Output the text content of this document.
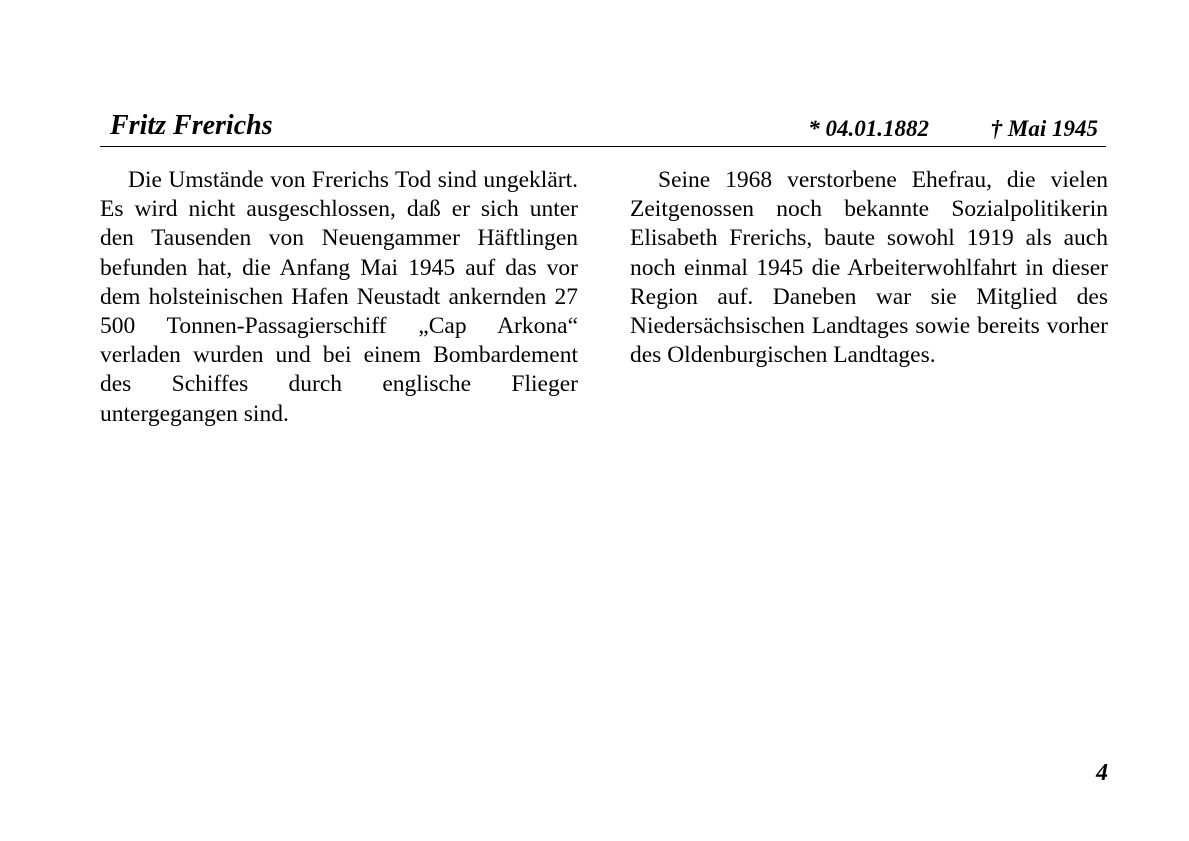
Fritz Frerichs	* 04.01.1882	† Mai 1945

Die Umstände von Frerichs Tod sind ungeklärt. Es wird nicht ausgeschlossen, daß er sich unter den Tausenden von Neuengammer Häftlingen befunden hat, die Anfang Mai 1945 auf das vor dem holsteinischen Hafen Neustadt ankernden 27 500 Tonnen-Passagierschiff „Cap Arkona“ verladen wurden und bei einem Bombardement des Schiffes durch englische Flieger untergegangen sind.

Seine 1968 verstorbene Ehefrau, die vielen Zeitgenossen noch bekannte Sozialpolitikerin Elisabeth Frerichs, baute sowohl 1919 als auch noch einmal 1945 die Arbeiterwohlfahrt in dieser Region auf. Daneben war sie Mitglied des Niedersächsischen Landtages sowie bereits vorher des Oldenburgischen Landtages.

4
